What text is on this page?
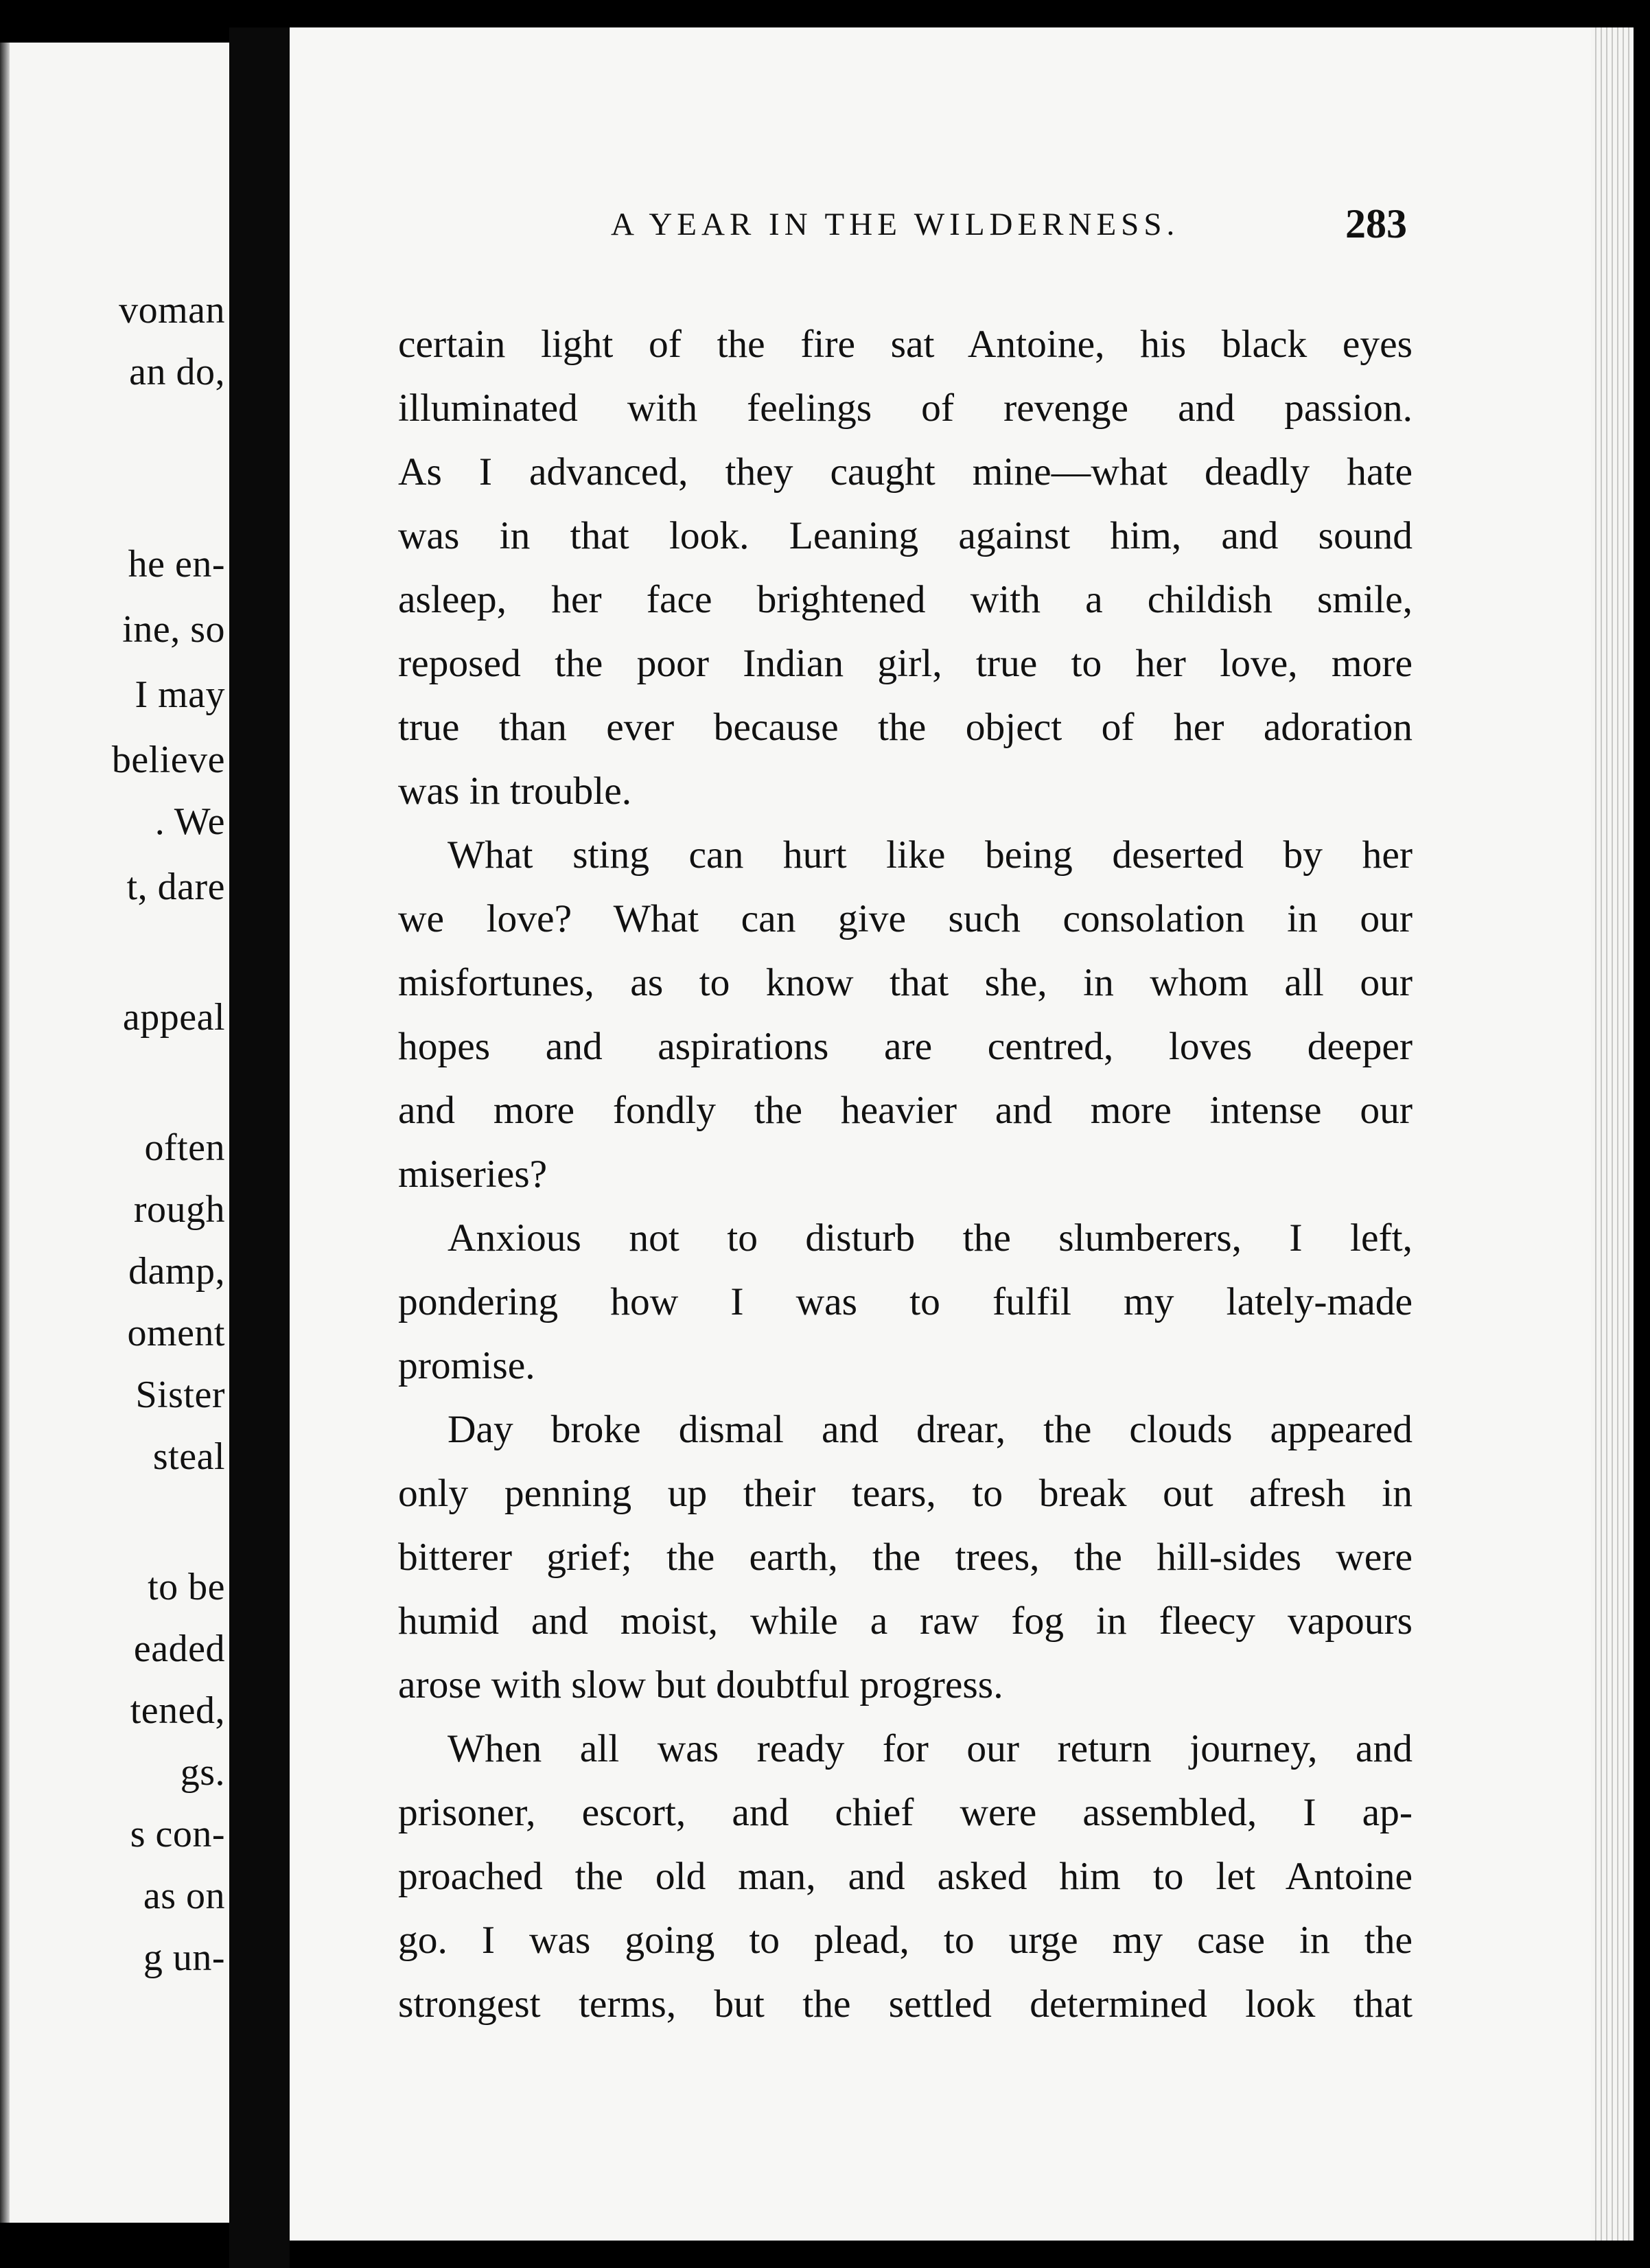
voman
an do,
he en-
ine, so
I may
believe
. We
t, dare
appeal
often
rough
damp,
oment
Sister
steal
to be
eaded
tened,
gs.
s con-
as on
g un-
A YEAR IN THE WILDERNESS.	283

certain light of the fire sat Antoine, his black eyes
illuminated with feelings of revenge and passion.
As I advanced, they caught mine—what deadly hate
was in that look. Leaning against him, and sound
asleep, her face brightened with a childish smile,
reposed the poor Indian girl, true to her love, more
true than ever because the object of her adoration
was in trouble.

What sting can hurt like being deserted by her
we love? What can give such consolation in our
misfortunes, as to know that she, in whom all our
hopes and aspirations are centred, loves deeper
and more fondly the heavier and more intense our
miseries?

Anxious not to disturb the slumberers, I left,
pondering how I was to fulfil my lately-made
promise.

Day broke dismal and drear, the clouds appeared
only penning up their tears, to break out afresh in
bitterer grief; the earth, the trees, the hill-sides were
humid and moist, while a raw fog in fleecy vapours
arose with slow but doubtful progress.

When all was ready for our return journey, and
prisoner, escort, and chief were assembled, I ap-
proached the old man, and asked him to let Antoine
go. I was going to plead, to urge my case in the
strongest terms, but the settled determined look that
